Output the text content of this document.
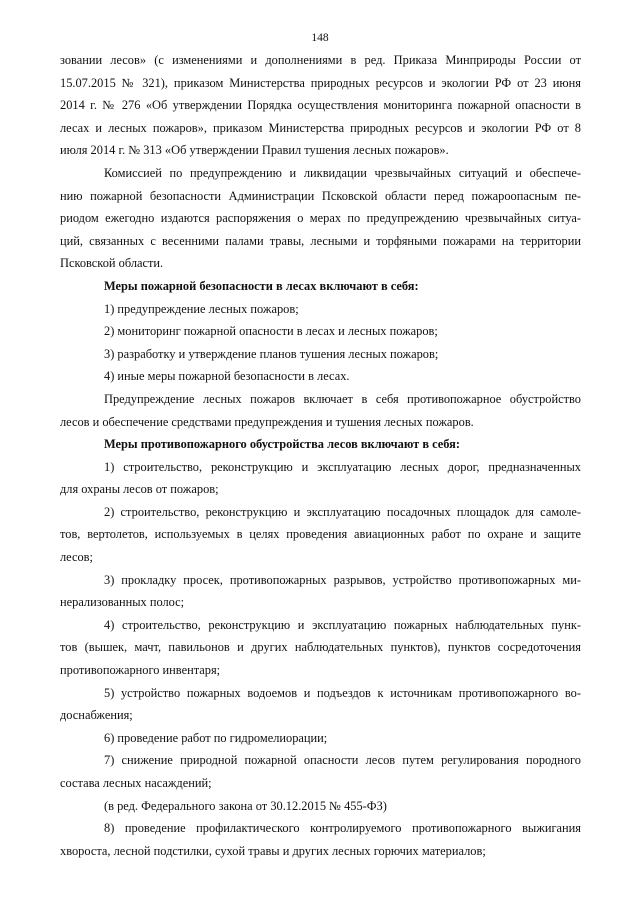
148
зовании лесов» (с изменениями и дополнениями в ред. Приказа Минприроды России от
15.07.2015 № 321), приказом Министерства природных ресурсов и экологии РФ от 23 июня
2014 г. № 276 «Об утверждении Порядка осуществления мониторинга пожарной опасности в
лесах и лесных пожаров», приказом Министерства природных ресурсов и экологии РФ от 8
июля 2014 г. № 313 «Об утверждении Правил тушения лесных пожаров».
Комиссией по предупреждению и ликвидации чрезвычайных ситуаций и обеспече-
нию пожарной безопасности Администрации Псковской области перед пожароопасным пе-
риодом ежегодно издаются распоряжения о мерах по предупреждению чрезвычайных ситуа-
ций, связанных с весенними палами травы, лесными и торфяными пожарами на территории
Псковской области.
Меры пожарной безопасности в лесах включают в себя:
1) предупреждение лесных пожаров;
2) мониторинг пожарной опасности в лесах и лесных пожаров;
3) разработку и утверждение планов тушения лесных пожаров;
4) иные меры пожарной безопасности в лесах.
Предупреждение лесных пожаров включает в себя противопожарное обустройство
лесов и обеспечение средствами предупреждения и тушения лесных пожаров.
Меры противопожарного обустройства лесов включают в себя:
1) строительство, реконструкцию и эксплуатацию лесных дорог, предназначенных
для охраны лесов от пожаров;
2) строительство, реконструкцию и эксплуатацию посадочных площадок для самоле-
тов, вертолетов, используемых в целях проведения авиационных работ по охране и защите
лесов;
3) прокладку просек, противопожарных разрывов, устройство противопожарных ми-
нерализованных полос;
4) строительство, реконструкцию и эксплуатацию пожарных наблюдательных пунк-
тов (вышек, мачт, павильонов и других наблюдательных пунктов), пунктов сосредоточения
противопожарного инвентаря;
5) устройство пожарных водоемов и подъездов к источникам противопожарного во-
доснабжения;
6) проведение работ по гидромелиорации;
7) снижение природной пожарной опасности лесов путем регулирования породного
состава лесных насаждений;
(в ред. Федерального закона от 30.12.2015 № 455-ФЗ)
8) проведение профилактического контролируемого противопожарного выжигания
хвороста, лесной подстилки, сухой травы и других лесных горючих материалов;
